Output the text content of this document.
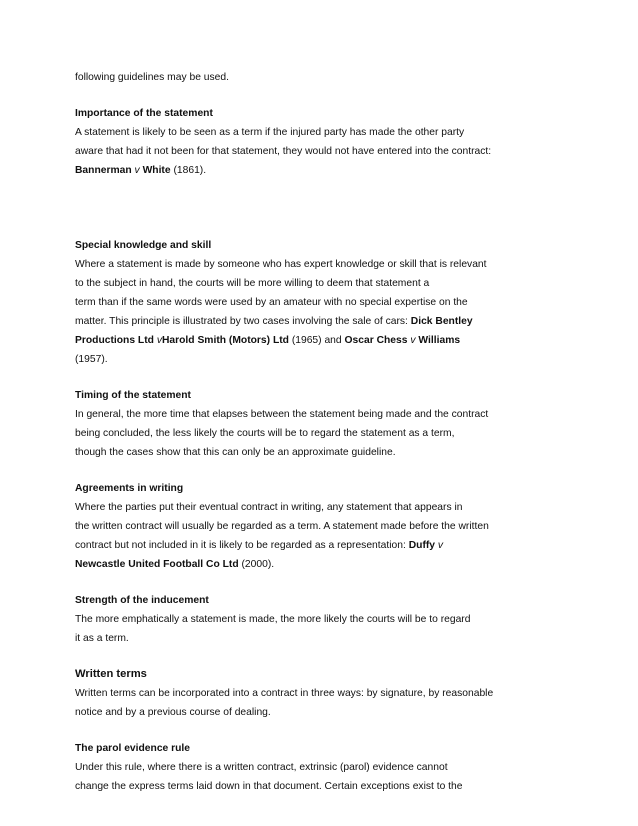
following guidelines may be used.
Importance of the statement
A statement is likely to be seen as a term if the injured party has made the other party
aware that had it not been for that statement, they would not have entered into the contract:
Bannerman v White (1861).
Special knowledge and skill
Where a statement is made by someone who has expert knowledge or skill that is relevant
to the subject in hand, the courts will be more willing to deem that statement a
term than if the same words were used by an amateur with no special expertise on the
matter. This principle is illustrated by two cases involving the sale of cars: Dick Bentley
Productions Ltd vHarold Smith (Motors) Ltd (1965) and Oscar Chess v Williams
(1957).
Timing of the statement
In general, the more time that elapses between the statement being made and the contract
being concluded, the less likely the courts will be to regard the statement as a term,
though the cases show that this can only be an approximate guideline.
Agreements in writing
Where the parties put their eventual contract in writing, any statement that appears in
the written contract will usually be regarded as a term. A statement made before the written
contract but not included in it is likely to be regarded as a representation: Duffy v
Newcastle United Football Co Ltd (2000).
Strength of the inducement
The more emphatically a statement is made, the more likely the courts will be to regard
it as a term.
Written terms
Written terms can be incorporated into a contract in three ways: by signature, by reasonable
notice and by a previous course of dealing.
The parol evidence rule
Under this rule, where there is a written contract, extrinsic (parol) evidence cannot
change the express terms laid down in that document. Certain exceptions exist to the
